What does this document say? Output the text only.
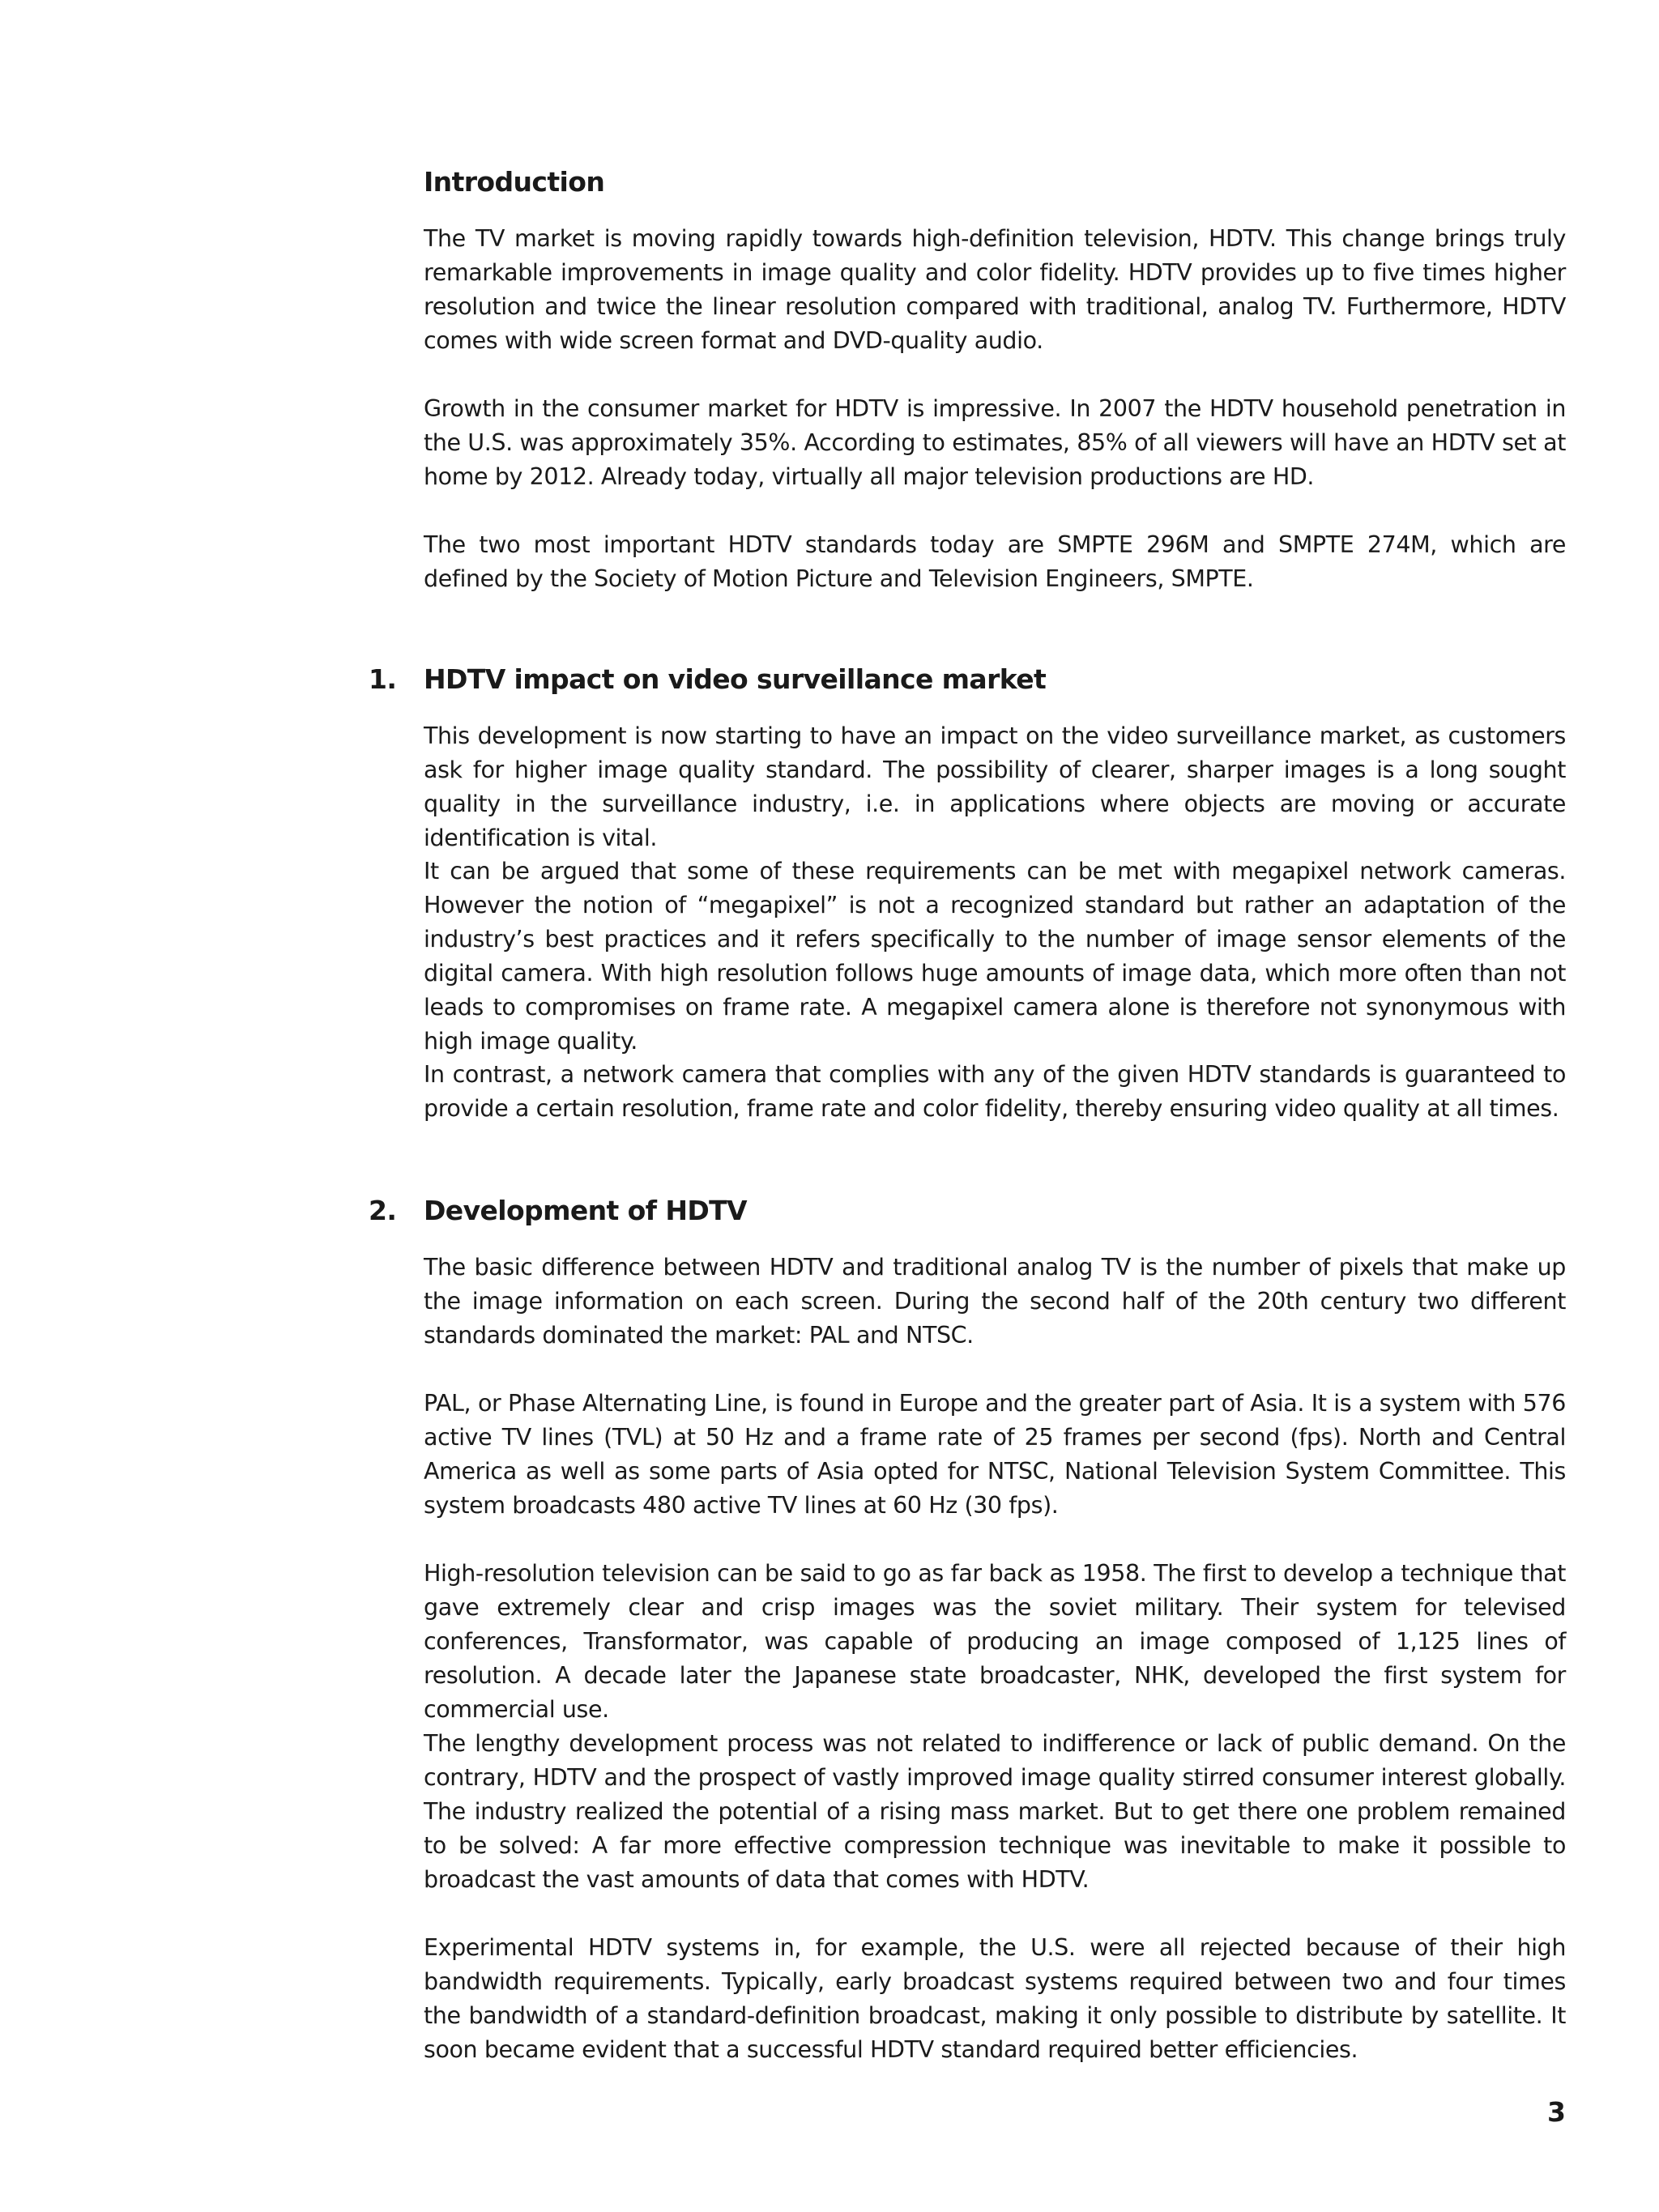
Introduction

The TV market is moving rapidly towards high-definition television, HDTV. This change brings truly remarkable improvements in image quality and color fidelity. HDTV provides up to five times higher resolution and twice the linear resolution compared with traditional, analog TV. Furthermore, HDTV comes with wide screen format and DVD-quality audio.

Growth in the consumer market for HDTV is impressive. In 2007 the HDTV household penetration in the U.S. was approximately 35%. According to estimates, 85% of all viewers will have an HDTV set at home by 2012. Already today, virtually all major television productions are HD.

The two most important HDTV standards today are SMPTE 296M and SMPTE 274M, which are defined by the Society of Motion Picture and Television Engineers, SMPTE.

1. HDTV impact on video surveillance market

This development is now starting to have an impact on the video surveillance market, as customers ask for higher image quality standard. The possibility of clearer, sharper images is a long sought quality in the surveillance industry, i.e. in applications where objects are moving or accurate identification is vital.

It can be argued that some of these requirements can be met with megapixel network cameras. However the notion of “megapixel” is not a recognized standard but rather an adaptation of the industry’s best practices and it refers specifically to the number of image sensor elements of the digital camera. With high resolution follows huge amounts of image data, which more often than not leads to compromises on frame rate. A megapixel camera alone is therefore not synonymous with high image quality.

In contrast, a network camera that complies with any of the given HDTV standards is guaranteed to provide a certain resolution, frame rate and color fidelity, thereby ensuring video quality at all times.

2. Development of HDTV

The basic difference between HDTV and traditional analog TV is the number of pixels that make up the image information on each screen. During the second half of the 20th century two different standards dominated the market: PAL and NTSC.

PAL, or Phase Alternating Line, is found in Europe and the greater part of Asia. It is a system with 576 active TV lines (TVL) at 50 Hz and a frame rate of 25 frames per second (fps). North and Central America as well as some parts of Asia opted for NTSC, National Television System Committee. This system broadcasts 480 active TV lines at 60 Hz (30 fps).

High-resolution television can be said to go as far back as 1958. The first to develop a technique that gave extremely clear and crisp images was the soviet military. Their system for televised conferences, Transformator, was capable of producing an image composed of 1,125 lines of resolution. A decade later the Japanese state broadcaster, NHK, developed the first system for commercial use.

The lengthy development process was not related to indifference or lack of public demand. On the contrary, HDTV and the prospect of vastly improved image quality stirred consumer interest globally. The industry realized the potential of a rising mass market. But to get there one problem remained to be solved: A far more effective compression technique was inevitable to make it possible to broadcast the vast amounts of data that comes with HDTV.

Experimental HDTV systems in, for example, the U.S. were all rejected because of their high bandwidth requirements. Typically, early broadcast systems required between two and four times the bandwidth of a standard-definition broadcast, making it only possible to distribute by satellite. It soon became evident that a successful HDTV standard required better efficiencies.

3
